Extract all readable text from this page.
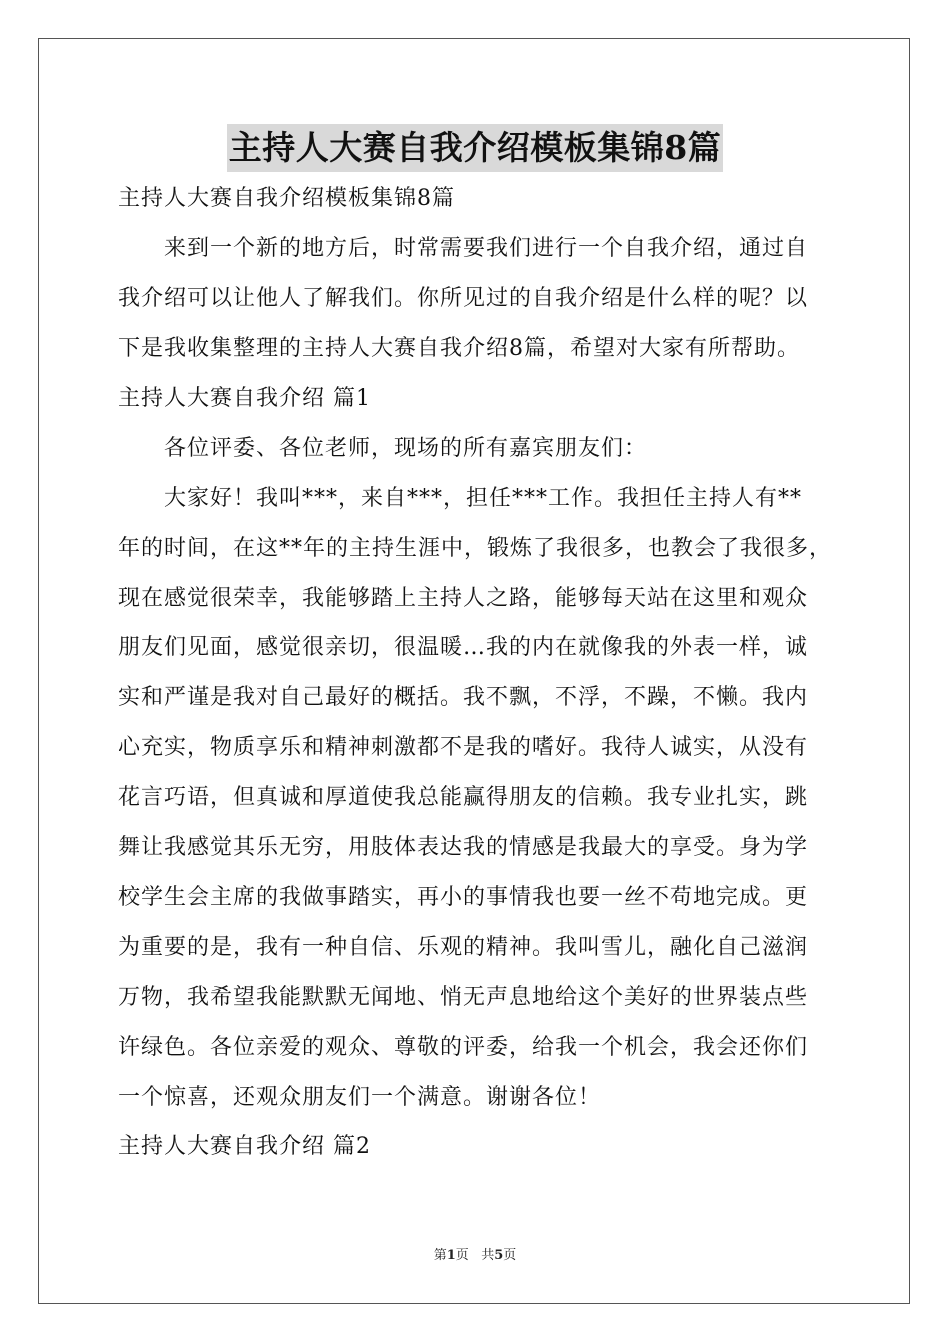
主持人大赛自我介绍模板集锦8篇
主持人大赛自我介绍模板集锦8篇
来到一个新的地方后，时常需要我们进行一个自我介绍，通过自
我介绍可以让他人了解我们。你所见过的自我介绍是什么样的呢？以
下是我收集整理的主持人大赛自我介绍8篇，希望对大家有所帮助。
主持人大赛自我介绍 篇1
各位评委、各位老师，现场的所有嘉宾朋友们：
大家好！我叫***，来自***，担任***工作。我担任主持人有**
年的时间，在这**年的主持生涯中，锻炼了我很多，也教会了我很多，
现在感觉很荣幸，我能够踏上主持人之路，能够每天站在这里和观众
朋友们见面，感觉很亲切，很温暖…我的内在就像我的外表一样，诚
实和严谨是我对自己最好的概括。我不飘，不浮，不躁，不懒。我内
心充实，物质享乐和精神刺激都不是我的嗜好。我待人诚实，从没有
花言巧语，但真诚和厚道使我总能赢得朋友的信赖。我专业扎实，跳
舞让我感觉其乐无穷，用肢体表达我的情感是我最大的享受。身为学
校学生会主席的我做事踏实，再小的事情我也要一丝不苟地完成。更
为重要的是，我有一种自信、乐观的精神。我叫雪儿，融化自己滋润
万物，我希望我能默默无闻地、悄无声息地给这个美好的世界装点些
许绿色。各位亲爱的观众、尊敬的评委，给我一个机会，我会还你们
一个惊喜，还观众朋友们一个满意。谢谢各位！
主持人大赛自我介绍 篇2
第1页 共5页
